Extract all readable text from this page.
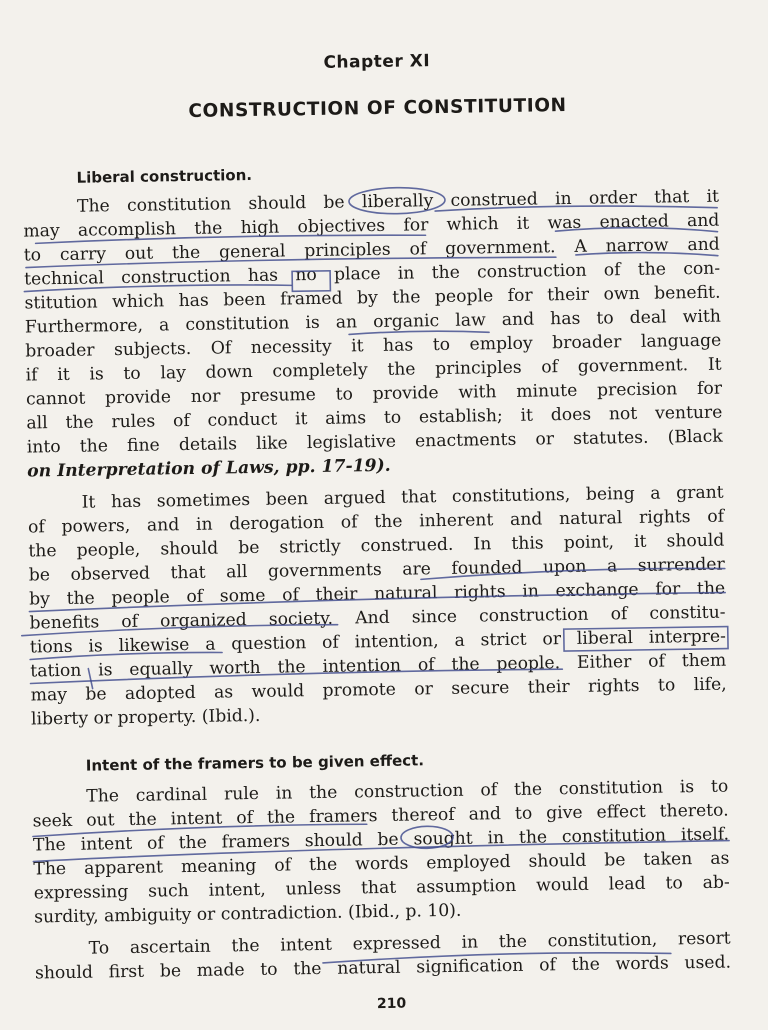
Chapter XI
CONSTRUCTION OF CONSTITUTION
Liberal construction.
The constitution should be liberally construed in order that it
may accomplish the high objectives for which it was enacted and
to carry out the general principles of government. A narrow and
technical construction has no place in the construction of the con-
stitution which has been framed by the people for their own benefit.
Furthermore, a constitution is an organic law and has to deal with
broader subjects. Of necessity it has to employ broader language
if it is to lay down completely the principles of government. It
cannot provide nor presume to provide with minute precision for
all the rules of conduct it aims to establish; it does not venture
into the fine details like legislative enactments or statutes. (Black
on Interpretation of Laws, pp. 17-19).
It has sometimes been argued that constitutions, being a grant
of powers, and in derogation of the inherent and natural rights of
the people, should be strictly construed. In this point, it should
be observed that all governments are founded upon a surrender
by the people of some of their natural rights in exchange for the
benefits of organized society. And since construction of constitu-
tions is likewise a question of intention, a strict or liberal interpre-
tation is equally worth the intention of the people. Either of them
may be adopted as would promote or secure their rights to life,
liberty or property. (Ibid.).
Intent of the framers to be given effect.
The cardinal rule in the construction of the constitution is to
seek out the intent of the framers thereof and to give effect thereto.
The intent of the framers should be sought in the constitution itself.
The apparent meaning of the words employed should be taken as
expressing such intent, unless that assumption would lead to ab-
surdity, ambiguity or contradiction. (Ibid., p. 10).
To ascertain the intent expressed in the constitution, resort
should first be made to the natural signification of the words used.
210
